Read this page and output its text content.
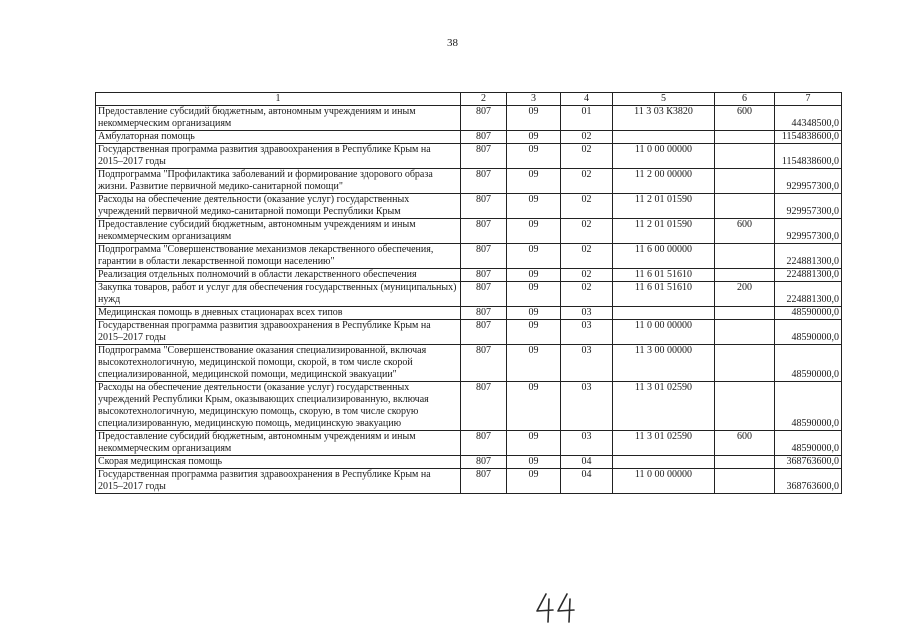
38
1	2	3	4	5	6	7
Предоставление субсидий бюджетным, автономным учреждениям и иным некоммерческим организациям	807	09	01	11 3 03 К3820	600	44348500,0
Амбулаторная помощь	807	09	02			1154838600,0
Государственная программа развития здравоохранения в Республике Крым на 2015–2017 годы	807	09	02	11 0 00 00000		1154838600,0
Подпрограмма "Профилактика заболеваний и формирование здорового образа жизни. Развитие первичной медико-санитарной помощи"	807	09	02	11 2 00 00000		929957300,0
Расходы на обеспечение деятельности (оказание услуг) государственных учреждений первичной медико-санитарной помощи Республики Крым	807	09	02	11 2 01 01590		929957300,0
Предоставление субсидий бюджетным, автономным учреждениям и иным некоммерческим организациям	807	09	02	11 2 01 01590	600	929957300,0
Подпрограмма "Совершенствование механизмов лекарственного обеспечения, гарантии в области лекарственной помощи населению"	807	09	02	11 6 00 00000		224881300,0
Реализация отдельных полномочий в области лекарственного обеспечения	807	09	02	11 6 01 51610		224881300,0
Закупка товаров, работ и услуг для обеспечения государственных (муниципальных) нужд	807	09	02	11 6 01 51610	200	224881300,0
Медицинская помощь в дневных стационарах всех типов	807	09	03			48590000,0
Государственная программа развития здравоохранения в Республике Крым на 2015–2017 годы	807	09	03	11 0 00 00000		48590000,0
Подпрограмма "Совершенствование оказания специализированной, включая высокотехнологичную, медицинской помощи, скорой, в том числе скорой специализированной, медицинской помощи, медицинской эвакуации"	807	09	03	11 3 00 00000		48590000,0
Расходы на обеспечение деятельности (оказание услуг) государственных учреждений Республики Крым, оказывающих специализированную, включая высокотехнологичную, медицинскую помощь, скорую, в том числе скорую специализированную, медицинскую помощь, медицинскую эвакуацию	807	09	03	11 3 01 02590		48590000,0
Предоставление субсидий бюджетным, автономным учреждениям и иным некоммерческим организациям	807	09	03	11 3 01 02590	600	48590000,0
Скорая медицинская помощь	807	09	04			368763600,0
Государственная программа развития здравоохранения в Республике Крым на 2015–2017 годы	807	09	04	11 0 00 00000		368763600,0
